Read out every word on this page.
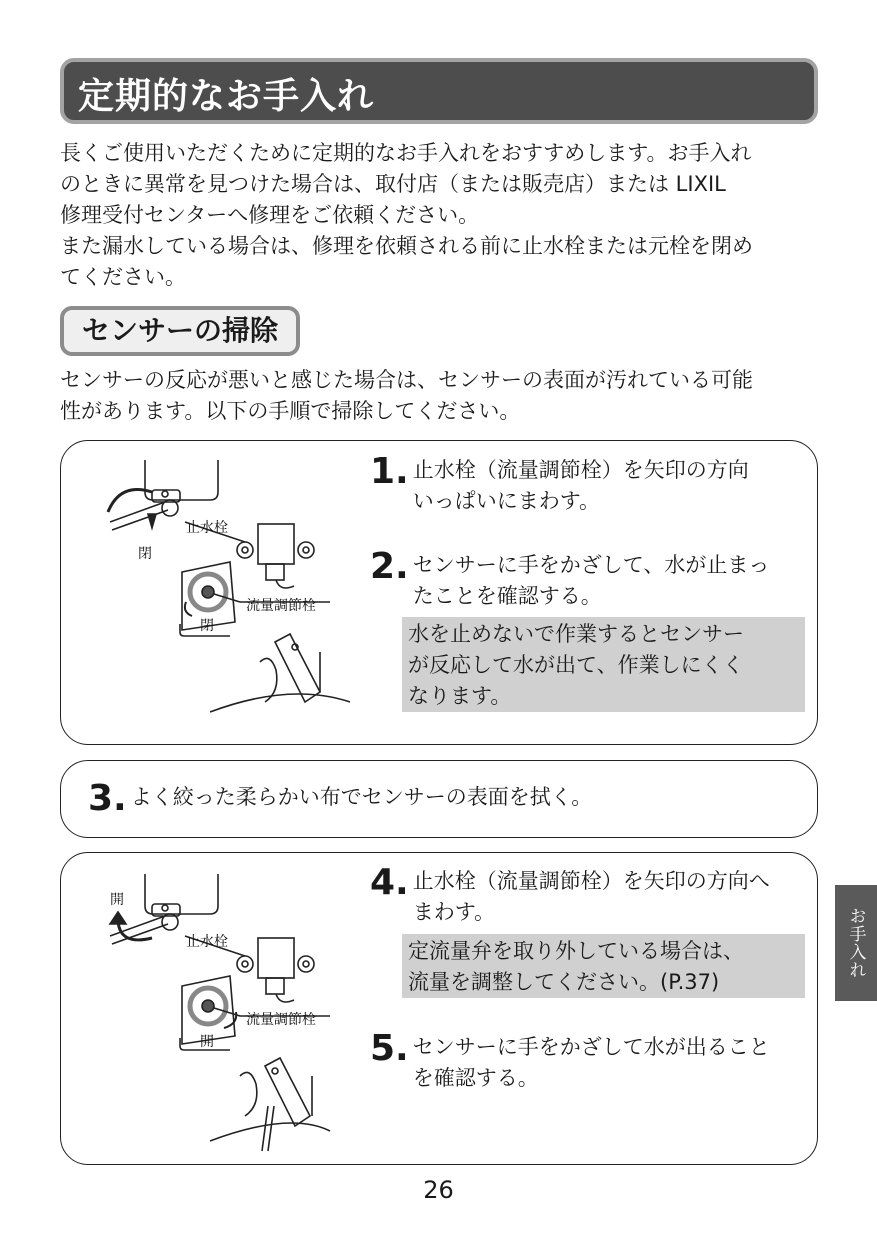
定期的なお手入れ

長くご使用いただくために定期的なお手入れをおすすめします。お手入れ

のときに異常を見つけた場合は、取付店（または販売店）または LIXIL

修理受付センターへ修理をご依頼ください。

また漏水している場合は、修理を依頼される前に止水栓または元栓を閉め

てください。

センサーの掃除

センサーの反応が悪いと感じた場合は、センサーの表面が汚れている可能

性があります。以下の手順で掃除してください。

止水栓
閉
流量調節栓
閉
1. 止水栓（流量調節栓）を矢印の方向
いっぱいにまわす。
2. センサーに手をかざして、水が止まっ
たことを確認する。

水を止めないで作業するとセンサー

が反応して水が出て、作業しにくく

なります。

3. よく絞った柔らかい布でセンサーの表面を拭く。
開
止水栓
流量調節栓
開
4. 止水栓（流量調節栓）を矢印の方向へ
まわす。

定流量弁を取り外している場合は、

流量を調整してください。(P.37)

5. センサーに手をかざして水が出ること
を確認する。
お手入れ
26
